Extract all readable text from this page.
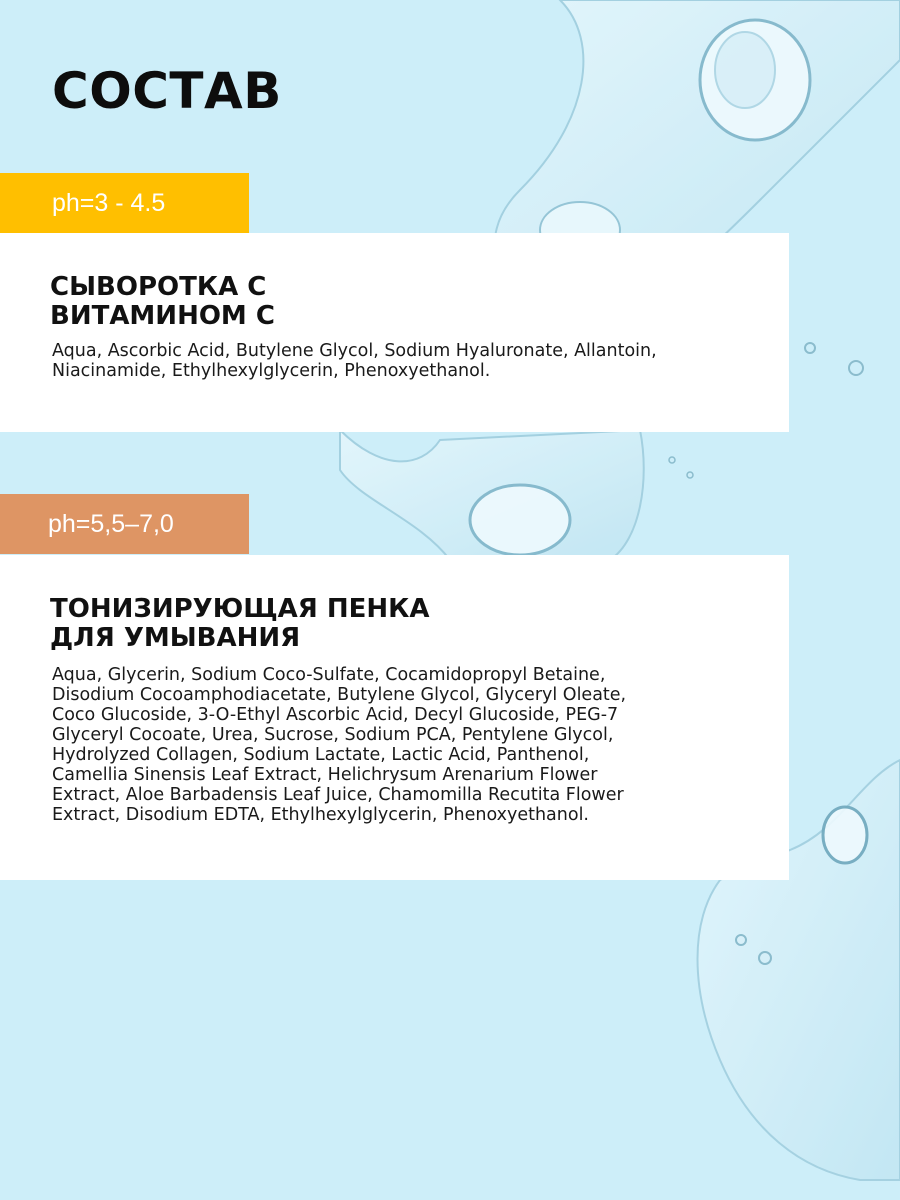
СОСТАВ
ph=3 - 4.5
СЫВОРОТКА С
ВИТАМИНОМ С

Aqua, Ascorbic Acid, Butylene Glycol, Sodium Hyaluronate, Allantoin,
Niacinamide, Ethylhexylglycerin, Phenoxyethanol.

ph=5,5–7,0
ТОНИЗИРУЮЩАЯ ПЕНКА
ДЛЯ УМЫВАНИЯ

Aqua, Glycerin, Sodium Coco-Sulfate, Cocamidopropyl Betaine,
Disodium Cocoamphodiacetate, Butylene Glycol, Glyceryl Oleate,
Coco Glucoside, 3-O-Ethyl Ascorbic Acid, Decyl Glucoside, PEG-7
Glyceryl Cocoate, Urea, Sucrose, Sodium PCA, Pentylene Glycol,
Hydrolyzed Collagen, Sodium Lactate, Lactic Acid, Panthenol,
Camellia Sinensis Leaf Extract, Helichrysum Arenarium Flower
Extract, Aloe Barbadensis Leaf Juice, Chamomilla Recutita Flower
Extract, Disodium EDTA, Ethylhexylglycerin, Phenoxyethanol.
